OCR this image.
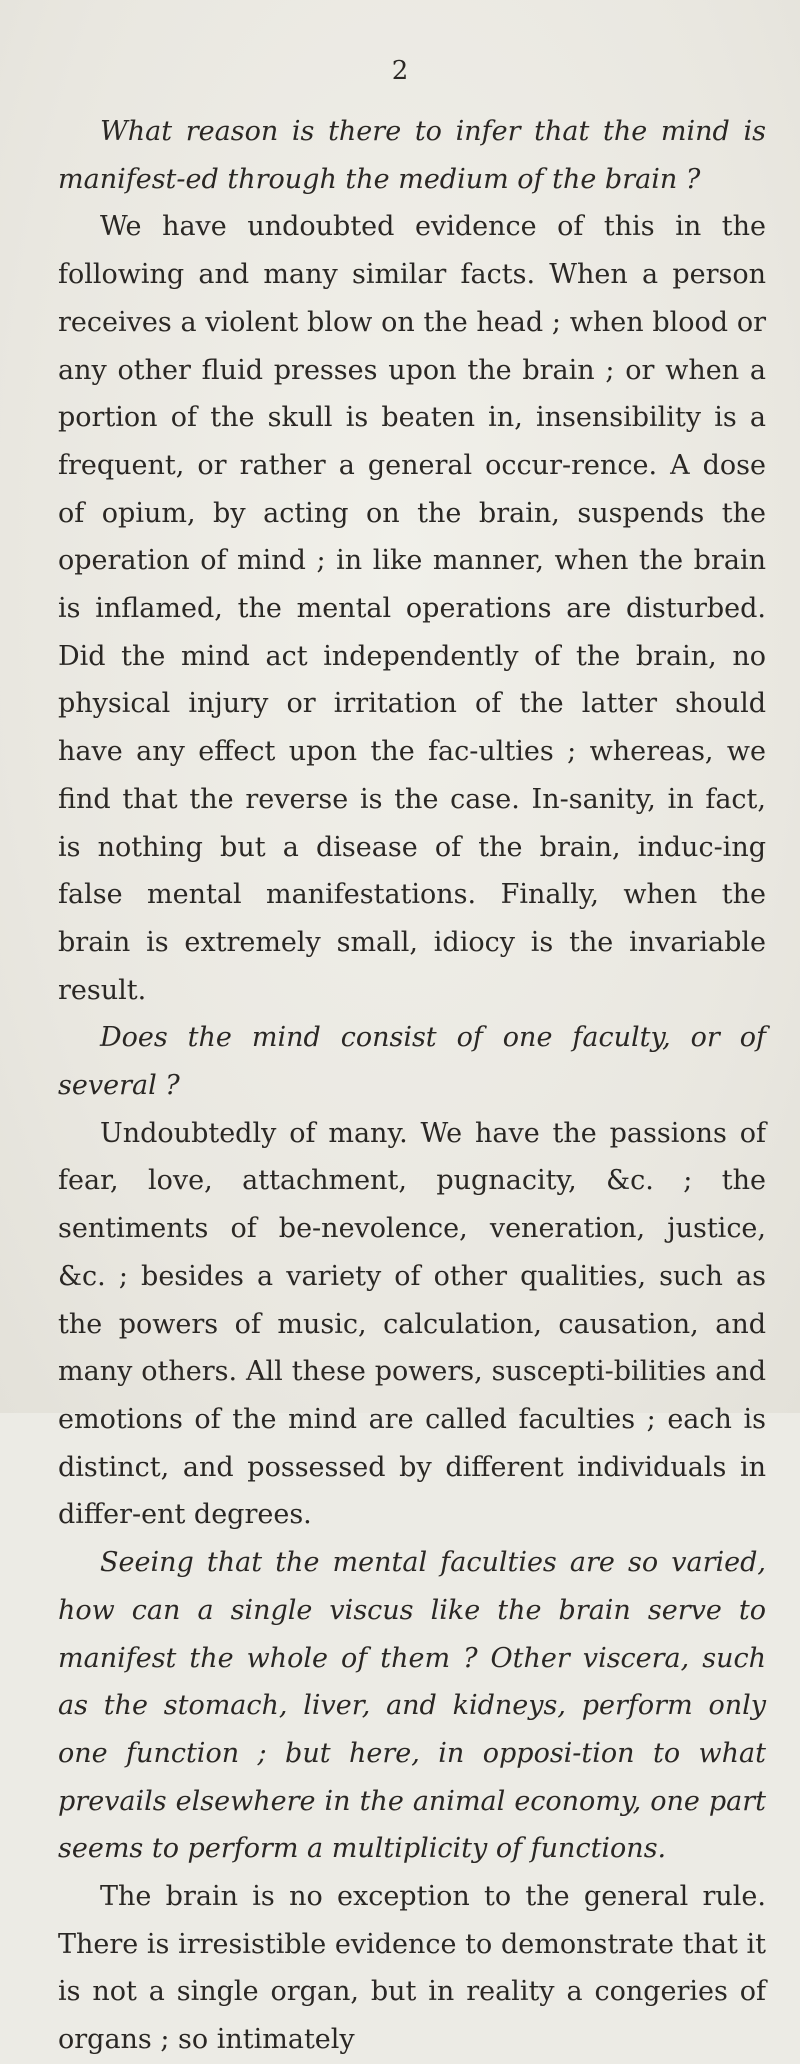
2

What reason is there to infer that the mind is manifest-ed through the medium of the brain ?

We have undoubted evidence of this in the following and many similar facts. When a person receives a violent blow on the head ; when blood or any other fluid presses upon the brain ; or when a portion of the skull is beaten in, insensibility is a frequent, or rather a general occur-rence. A dose of opium, by acting on the brain, suspends the operation of mind ; in like manner, when the brain is inflamed, the mental operations are disturbed. Did the mind act independently of the brain, no physical injury or irritation of the latter should have any effect upon the fac-ulties ; whereas, we find that the reverse is the case. In-sanity, in fact, is nothing but a disease of the brain, induc-ing false mental manifestations. Finally, when the brain is extremely small, idiocy is the invariable result.

Does the mind consist of one faculty, or of several ?

Undoubtedly of many. We have the passions of fear, love, attachment, pugnacity, &c. ; the sentiments of be-nevolence, veneration, justice, &c. ; besides a variety of other qualities, such as the powers of music, calculation, causation, and many others. All these powers, suscepti-bilities and emotions of the mind are called faculties ; each is distinct, and possessed by different individuals in differ-ent degrees.

Seeing that the mental faculties are so varied, how can a single viscus like the brain serve to manifest the whole of them ? Other viscera, such as the stomach, liver, and kidneys, perform only one function ; but here, in opposi-tion to what prevails elsewhere in the animal economy, one part seems to perform a multiplicity of functions.

The brain is no exception to the general rule. There is irresistible evidence to demonstrate that it is not a single organ, but in reality a congeries of organs ; so intimately
